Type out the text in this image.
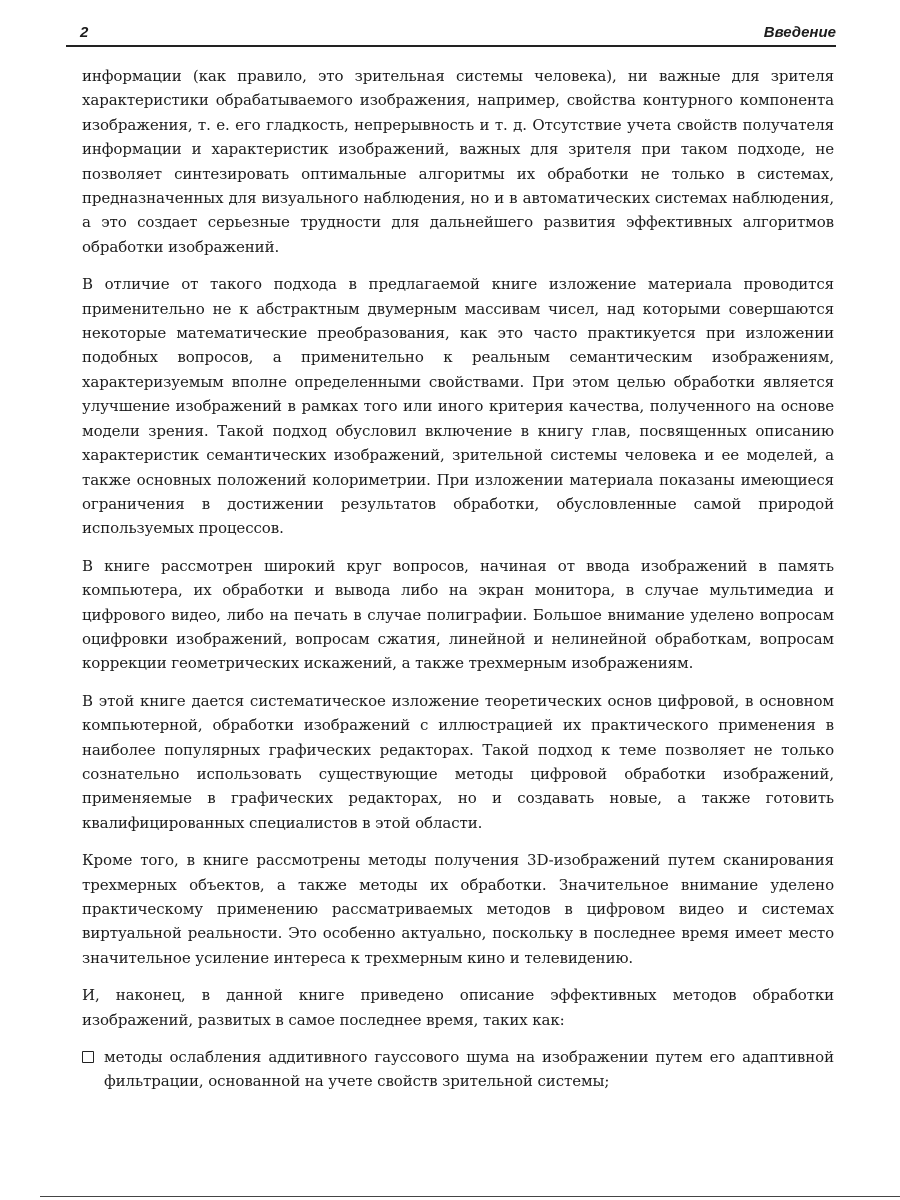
2	Введение

информации (как правило, это зрительная системы человека), ни важные для зрителя характеристики обрабатываемого изображения, например, свойства контурного компонента изображения, т. е. его гладкость, непрерывность и т. д. Отсутствие учета свойств получателя информации и характеристик изображений, важных для зрителя при таком подходе, не позволяет синтезировать оптимальные алгоритмы их обработки не только в системах, предназначенных для визуального наблюдения, но и в автоматических системах наблюдения, а это создает серьезные трудности для дальнейшего развития эффективных алгоритмов обработки изображений.

В отличие от такого подхода в предлагаемой книге изложение материала проводится применительно не к абстрактным двумерным массивам чисел, над которыми совершаются некоторые математические преобразования, как это часто практикуется при изложении подобных вопросов, а применительно к реальным семантическим изображениям, характеризуемым вполне определенными свойствами. При этом целью обработки является улучшение изображений в рамках того или иного критерия качества, полученного на основе модели зрения. Такой подход обусловил включение в книгу глав, посвященных описанию характеристик семантических изображений, зрительной системы человека и ее моделей, а также основных положений колориметрии. При изложении материала показаны имеющиеся ограничения в достижении результатов обработки, обусловленные самой природой используемых процессов.

В книге рассмотрен широкий круг вопросов, начиная от ввода изображений в память компьютера, их обработки и вывода либо на экран монитора, в случае мультимедиа и цифрового видео, либо на печать в случае полиграфии. Большое внимание уделено вопросам оцифровки изображений, вопросам сжатия, линейной и нелинейной обработкам, вопросам коррекции геометрических искажений, а также трехмерным изображениям.

В этой книге дается систематическое изложение теоретических основ цифровой, в основном компьютерной, обработки изображений с иллюстрацией их практического применения в наиболее популярных графических редакторах. Такой подход к теме позволяет не только сознательно использовать существующие методы цифровой обработки изображений, применяемые в графических редакторах, но и создавать новые, а также готовить квалифицированных специалистов в этой области.

Кроме того, в книге рассмотрены методы получения 3D-изображений путем сканирования трехмерных объектов, а также методы их обработки. Значительное внимание уделено практическому применению рассматриваемых методов в цифровом видео и системах виртуальной реальности. Это особенно актуально, поскольку в последнее время имеет место значительное усиление интереса к трехмерным кино и телевидению.

И, наконец, в данной книге приведено описание эффективных методов обработки изображений, развитых в самое последнее время, таких как:

методы ослабления аддитивного гауссового шума на изображении путем его адаптивной фильтрации, основанной на учете свойств зрительной системы;
